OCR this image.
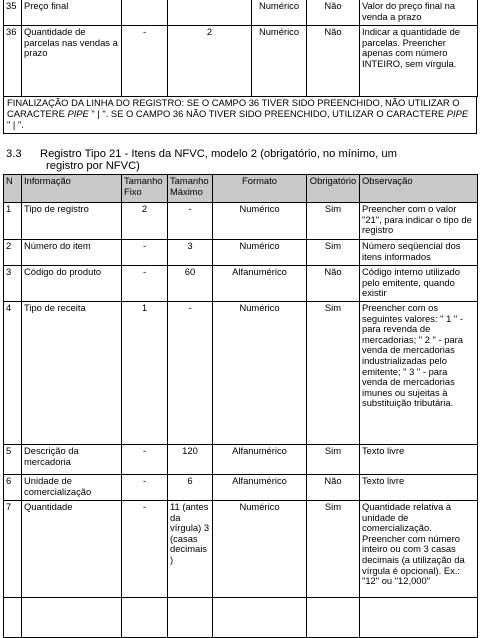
35	Preço final			Numérico	Não	Valor do preço final na venda a prazo
36	Quantidade de parcelas nas vendas a prazo	-	2	Numérico	Não	Indicar a quantidade de parcelas. Preencher apenas com número INTEIRO, sem vírgula.
FINALIZAÇÃO DA LINHA DO REGISTRO: SE O CAMPO 36 TIVER SIDO PREENCHIDO, NÃO UTILIZAR O CARACTERE PIPE " | ". SE O CAMPO 36 NÃO TIVER SIDO PREENCHIDO, UTILIZAR O CARACTERE PIPE " | ".
3.3 Registro Tipo 21 - Itens da NFVC, modelo 2 (obrigatório, no mínimo, um
registro por NFVC)
N	Informação	Tamanho Fixo	Tamanho Máximo	Formato	Obrigatório	Observação
1	Tipo de registro	2	-	Numérico	Sim	Preencher com o valor "21", para indicar o tipo de registro
2	Número do item	-	3	Numérico	Sim	Número seqüencial dos itens informados
3	Código do produto	-	60	Alfanumérico	Não	Código interno utilizado pelo emitente, quando existir
4	Tipo de receita	1	-	Numérico	Sim	Preencher com os seguintes valores: " 1 " - para revenda de mercadorias; " 2 " - para venda de mercadorias industrializadas pelo emitente; " 3 " - para venda de mercadorias imunes ou sujeitas à substituição tributária.
5	Descrição da mercadoria	-	120	Alfanumérico	Sim	Texto livre
6	Unidade de comercialização	-	6	Alfanumérico	Não	Texto livre
7	Quantidade	-	11 (antes da vírgula) 3 (casas decimais)	Numérico	Sim	Quantidade relativa à unidade de comercialização. Preencher com número inteiro ou com 3 casas decimais (a utilização da vírgula é opcional). Ex.: "12" ou "12,000"
